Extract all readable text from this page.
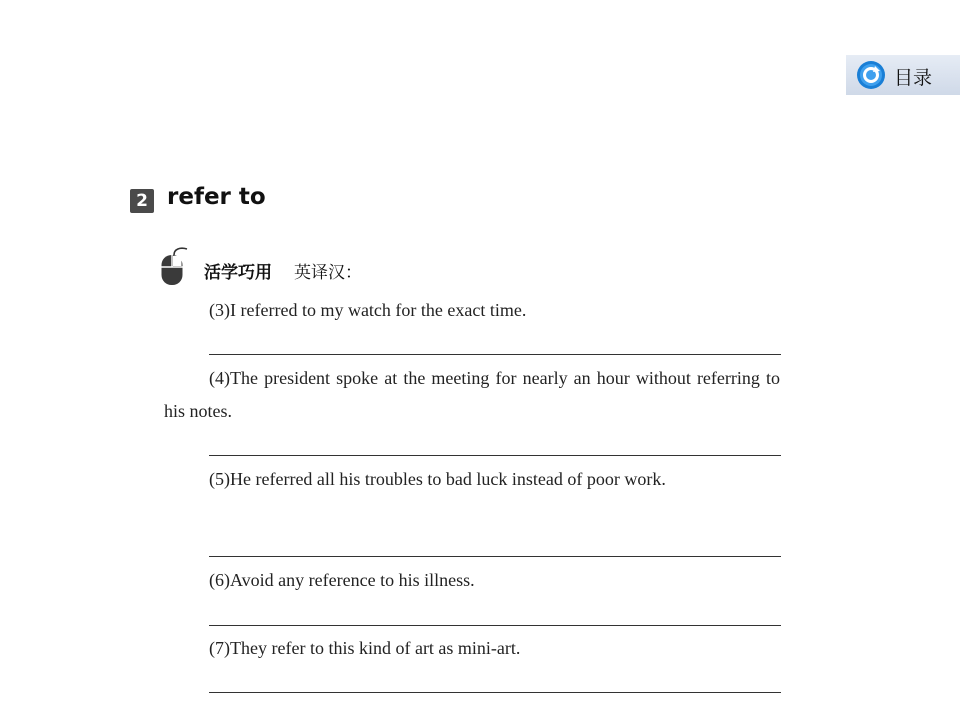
目录
2 refer to
活学巧用 英译汉：
(3)I referred to my watch for the exact time.
(4)The president spoke at the meeting for nearly an hour without referring to his notes.
(5)He referred all his troubles to bad luck instead of poor work.
(6)Avoid any reference to his illness.
(7)They refer to this kind of art as mini-art.
